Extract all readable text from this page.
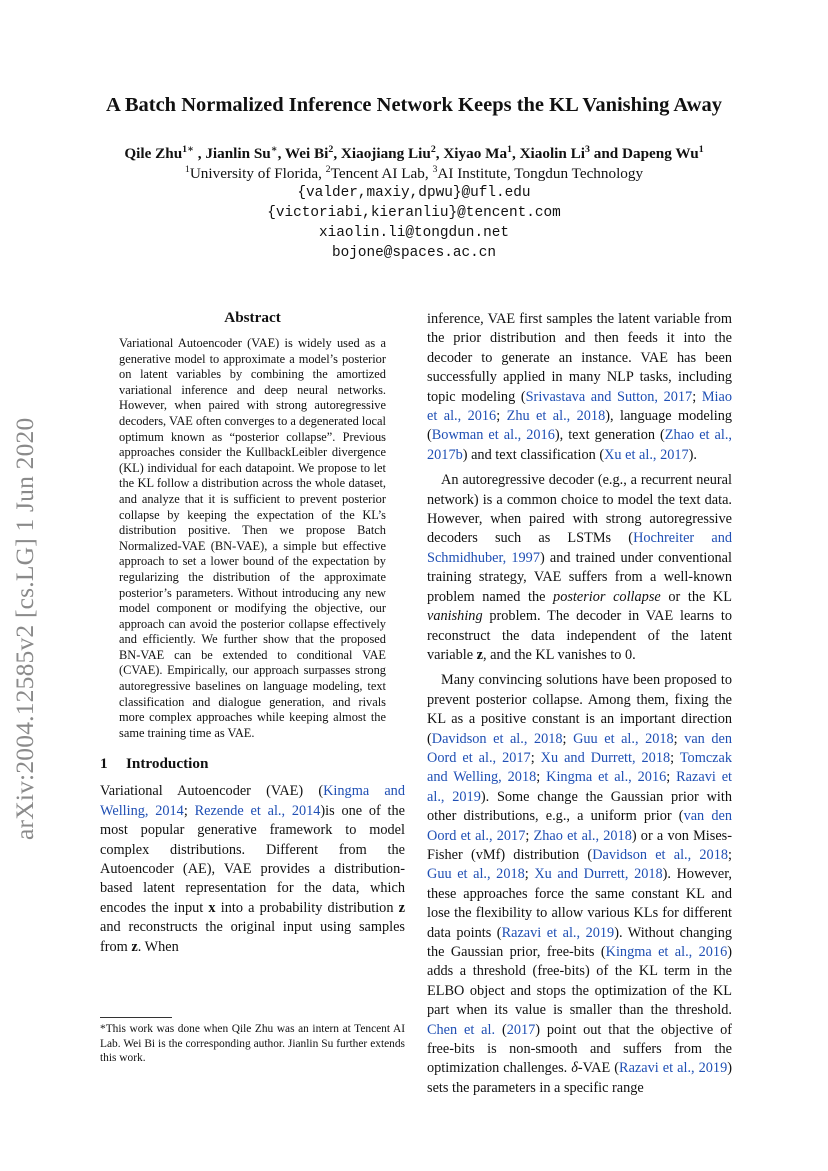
arXiv:2004.12585v2 [cs.LG] 1 Jun 2020
A Batch Normalized Inference Network Keeps the KL Vanishing Away

Qile Zhu$^{1∗}$ , Jianlin Su∗, Wei Bi$^2$, Xiaojiang Liu$^2$, Xiyao Ma$^1$, Xiaolin Li$^3$ and Dapeng Wu$^1$

$^1$University of Florida, $^2$Tencent AI Lab, $^3$AI Institute, Tongdun Technology

{valder,maxiy,dpwu}@ufl.edu

{victoriabi,kieranliu}@tencent.com

xiaolin.li@tongdun.net

bojone@spaces.ac.cn

Abstract

Variational Autoencoder (VAE) is widely used as a generative model to approximate a model’s posterior on latent variables by combining the amortized variational inference and deep neural networks. However, when paired with strong autoregressive decoders, VAE often converges to a degenerated local optimum known as “posterior collapse”. Previous approaches consider the KullbackLeibler divergence (KL) individual for each datapoint. We propose to let the KL follow a distribution across the whole dataset, and analyze that it is sufficient to prevent posterior collapse by keeping the expectation of the KL’s distribution positive. Then we propose Batch Normalized-VAE (BN-VAE), a simple but effective approach to set a lower bound of the expectation by regularizing the distribution of the approximate posterior’s parameters. Without introducing any new model component or modifying the objective, our approach can avoid the posterior collapse effectively and efficiently. We further show that the proposed BN-VAE can be extended to conditional VAE (CVAE). Empirically, our approach surpasses strong autoregressive baselines on language modeling, text classification and dialogue generation, and rivals more complex approaches while keeping almost the same training time as VAE.

1 Introduction

Variational Autoencoder (VAE) (Kingma and Welling, 2014; Rezende et al., 2014)is one of the most popular generative framework to model complex distributions. Different from the Autoencoder (AE), VAE provides a distribution-based latent representation for the data, which encodes the input x into a probability distribution z and reconstructs the original input using samples from z. When

*This work was done when Qile Zhu was an intern at Tencent AI Lab. Wei Bi is the corresponding author. Jianlin Su further extends this work.

inference, VAE first samples the latent variable from the prior distribution and then feeds it into the decoder to generate an instance. VAE has been successfully applied in many NLP tasks, including topic modeling (Srivastava and Sutton, 2017; Miao et al., 2016; Zhu et al., 2018), language modeling (Bowman et al., 2016), text generation (Zhao et al., 2017b) and text classification (Xu et al., 2017).

An autoregressive decoder (e.g., a recurrent neural network) is a common choice to model the text data. However, when paired with strong autoregressive decoders such as LSTMs (Hochreiter and Schmidhuber, 1997) and trained under conventional training strategy, VAE suffers from a well-known problem named the posterior collapse or the KL vanishing problem. The decoder in VAE learns to reconstruct the data independent of the latent variable z, and the KL vanishes to 0.

Many convincing solutions have been proposed to prevent posterior collapse. Among them, fixing the KL as a positive constant is an important direction (Davidson et al., 2018; Guu et al., 2018; van den Oord et al., 2017; Xu and Durrett, 2018; Tomczak and Welling, 2018; Kingma et al., 2016; Razavi et al., 2019). Some change the Gaussian prior with other distributions, e.g., a uniform prior (van den Oord et al., 2017; Zhao et al., 2018) or a von Mises-Fisher (vMf) distribution (Davidson et al., 2018; Guu et al., 2018; Xu and Durrett, 2018). However, these approaches force the same constant KL and lose the flexibility to allow various KLs for different data points (Razavi et al., 2019). Without changing the Gaussian prior, free-bits (Kingma et al., 2016) adds a threshold (free-bits) of the KL term in the ELBO object and stops the optimization of the KL part when its value is smaller than the threshold. Chen et al. (2017) point out that the objective of free-bits is non-smooth and suffers from the optimization challenges. δ-VAE (Razavi et al., 2019) sets the parameters in a specific range
